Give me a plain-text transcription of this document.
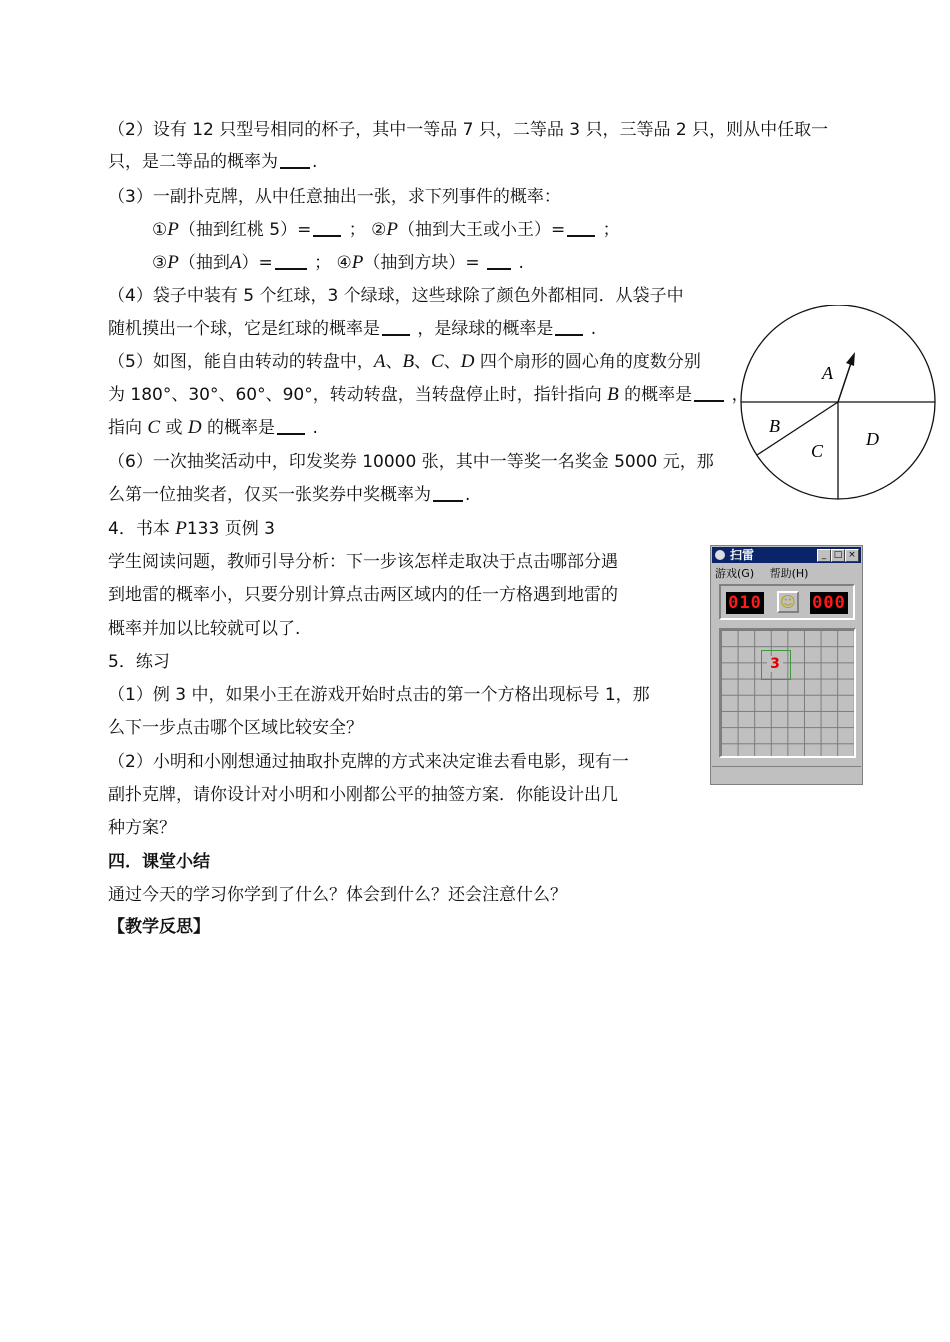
（2）设有 12 只型号相同的杯子，其中一等品 7 只，二等品 3 只，三等品 2 只，则从中任取一
只，是二等品的概率为 .
（3）一副扑克牌，从中任意抽出一张，求下列事件的概率：
①P（抽到红桃 5）= ； ②P（抽到大王或小王）= ；
③P（抽到A）= ； ④P（抽到方块）=  .
（4）袋子中装有 5 个红球，3 个绿球，这些球除了颜色外都相同．从袋子中
随机摸出一个球，它是红球的概率是 ，是绿球的概率是 .
（5）如图，能自由转动的转盘中，A、B、C、D 四个扇形的圆心角的度数分别
为 180°、30°、60°、90°，转动转盘，当转盘停止时，指针指向 B 的概率是 ，
指向 C 或 D 的概率是 .
（6）一次抽奖活动中，印发奖券 10000 张，其中一等奖一名奖金 5000 元，那
么第一位抽奖者，仅买一张奖券中奖概率为 .
4．书本 P133 页例 3
学生阅读问题，教师引导分析：下一步该怎样走取决于点击哪部分遇
到地雷的概率小，只要分别计算点击两区域内的任一方格遇到地雷的
概率并加以比较就可以了.
5．练习
（1）例 3 中，如果小王在游戏开始时点击的第一个方格出现标号 1，那
么下一步点击哪个区域比较安全？
（2）小明和小刚想通过抽取扑克牌的方式来决定谁去看电影，现有一
副扑克牌，请你设计对小明和小刚都公平的抽签方案．你能设计出几
种方案？
四．课堂小结
通过今天的学习你学到了什么？体会到什么？还会注意什么？
【教学反思】
A
B
C
D
扫雷	_ □ ×
游戏(G) 帮助(H)
010 ☺ 000
3
